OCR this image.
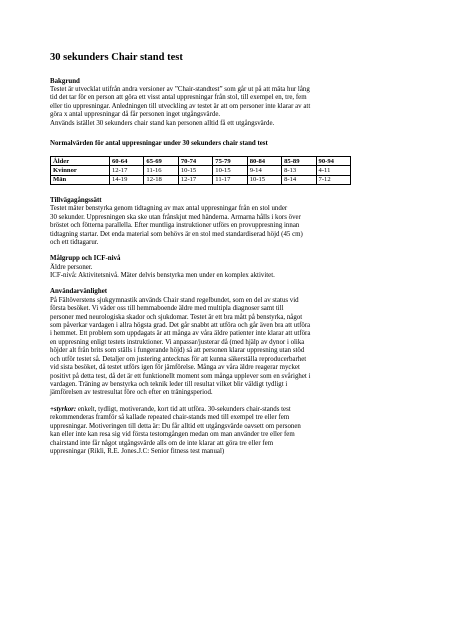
30 sekunders Chair stand test
Bakgrund

Testet är utvecklat utifrån andra versioner av ”Chair-standtest” som går ut på att mäta hur lång

tid det tar för en person att göra ett visst antal uppresningar från stol, till exempel en, tre, fem

eller tio uppresningar. Anledningen till utveckling av testet är att om personer inte klarar av att

göra x antal uppresningar då får personen inget utgångsvärde.

Används istället 30 sekunders chair stand kan personen alltid få ett utgångsvärde.

Normalvärden för antal uppresningar under 30 sekunders chair stand test
Ålder	60-64	65-69	70-74	75-79	80-84	85-89	90-94
Kvinnor	12-17	11-16	10-15	10-15	9-14	8-13	4-11
Män	14-19	12-18	12-17	11-17	10-15	8-14	7-12
Tillvägagångssätt

Testet mäter benstyrka genom tidtagning av max antal uppresningar från en stol under

30 sekunder. Uppresningen ska ske utan frånskjut med händerna. Armarna hålls i kors över

bröstet och fötterna parallella. Efter muntliga instruktioner utförs en provuppresning innan

tidtagning startar. Det enda material som behövs är en stol med standardiserad höjd (45 cm)

och ett tidtagarur.

Målgrupp och ICF-nivå

Äldre personer.

ICF-nivå: Aktivitetsnivå. Mäter delvis benstyrka men under en komplex aktivitet.

Användarvänlighet

På Fältöverstens sjukgymnastik används Chair stand regelbundet, som en del av status vid

första besöket. Vi väder oss till hemmaboende äldre med multipla diagnoser samt till

personer med neurologiska skador och sjukdomar. Testet är ett bra mått på benstyrka, något

som påverkar vardagen i allra högsta grad. Det går snabbt att utföra och går även bra att utföra

i hemmet. Ett problem som uppdagats är att många av våra äldre patienter inte klarar att utföra

en uppresning enligt testets instruktioner. Vi anpassar/justerar då (med hjälp av dynor i olika

höjder alt från brits som ställs i fungerande höjd) så att personen klarar uppresning utan stöd

och utför testet så. Detaljer om justering antecknas för att kunna säkerställa reproducerbarhet

vid sista besöket, då testet utförs igen för jämförelse. Många av våra äldre reagerar mycket

positivt på detta test, då det är ett funktionellt moment som många upplever som en svårighet i

vardagen. Träning av benstyrka och teknik leder till resultat vilket blir väldigt tydligt i

jämförelsen av testresultat före och efter en träningsperiod.

+styrkor: enkelt, tydligt, motiverande, kort tid att utföra. 30-sekunders chair-stands test

rekommenderas framför så kallade repeated chair-stands med till exempel tre eller fem

uppresningar. Motiveringen till detta är: Du får alltid ett utgångsvärde oavsett om personen

kan eller inte kan resa sig vid första testomgången medan om man använder tre eller fem

chairstand inte får något utgångsvärde alls om de inte klarar att göra tre eller fem

uppresningar (Rikli, R.E. Jones.J.C: Senior fitness test manual)
